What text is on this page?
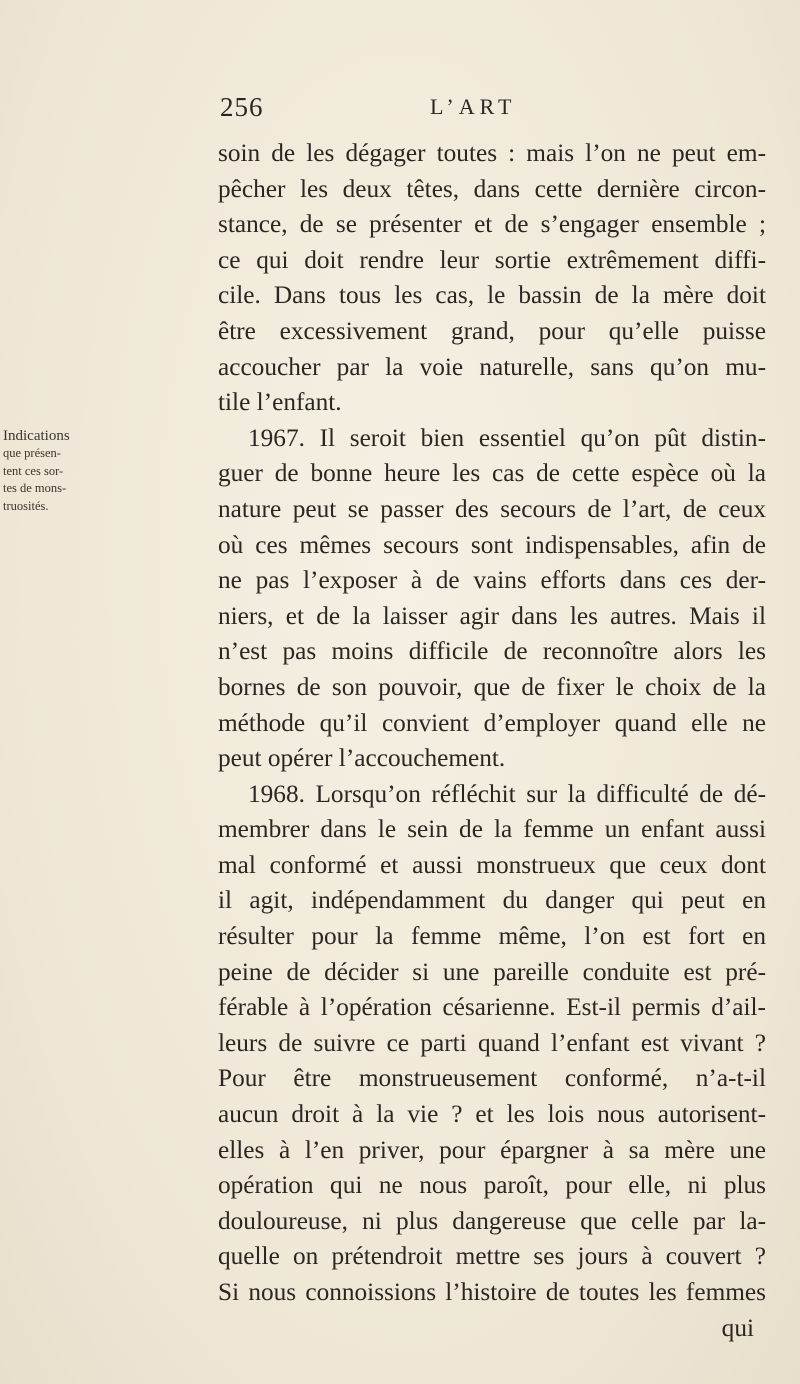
256	L’ART
Indications
que présen-
tent ces sor-
tes de mons-
truosités.
soin de les dégager toutes : mais l’on ne peut em-
pêcher les deux têtes, dans cette dernière circon-
stance, de se présenter et de s’engager ensemble ;
ce qui doit rendre leur sortie extrêmement diffi-
cile. Dans tous les cas, le bassin de la mère doit
être excessivement grand, pour qu’elle puisse
accoucher par la voie naturelle, sans qu’on mu-
tile l’enfant.
1967. Il seroit bien essentiel qu’on pût distin-
guer de bonne heure les cas de cette espèce où la
nature peut se passer des secours de l’art, de ceux
où ces mêmes secours sont indispensables, afin de
ne pas l’exposer à de vains efforts dans ces der-
niers, et de la laisser agir dans les autres. Mais il
n’est pas moins difficile de reconnoître alors les
bornes de son pouvoir, que de fixer le choix de la
méthode qu’il convient d’employer quand elle ne
peut opérer l’accouchement.
1968. Lorsqu’on réfléchit sur la difficulté de dé-
membrer dans le sein de la femme un enfant aussi
mal conformé et aussi monstrueux que ceux dont
il agit, indépendamment du danger qui peut en
résulter pour la femme même, l’on est fort en
peine de décider si une pareille conduite est pré-
férable à l’opération césarienne. Est-il permis d’ail-
leurs de suivre ce parti quand l’enfant est vivant ?
Pour être monstrueusement conformé, n’a-t-il
aucun droit à la vie ? et les lois nous autorisent-
elles à l’en priver, pour épargner à sa mère une
opération qui ne nous paroît, pour elle, ni plus
douloureuse, ni plus dangereuse que celle par la-
quelle on prétendroit mettre ses jours à couvert ?
Si nous connoissions l’histoire de toutes les femmes
qui
